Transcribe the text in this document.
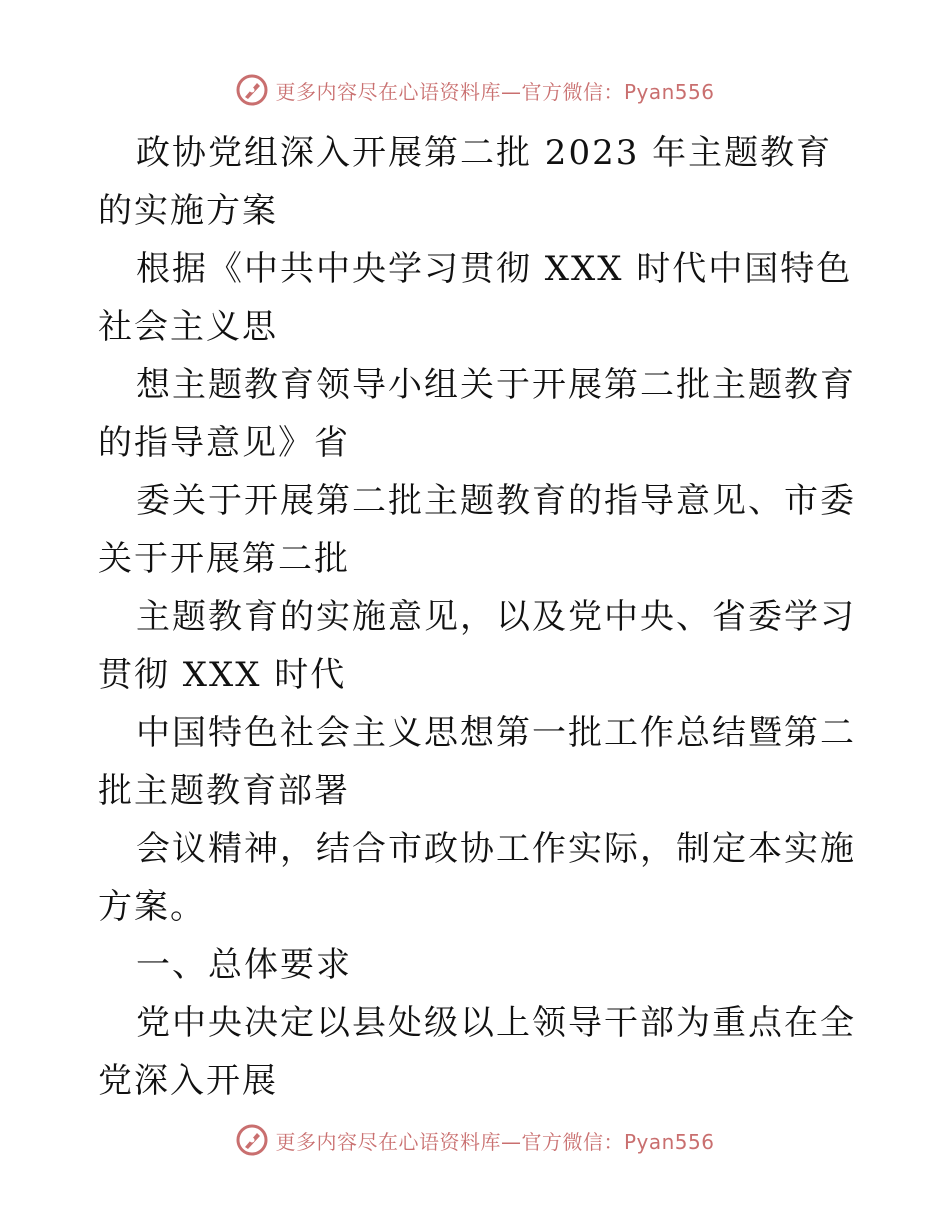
更多内容尽在心语资料库—官方微信：Pyan556

政协党组深入开展第二批 2023 年主题教育的实施方案

根据《中共中央学习贯彻 XXX 时代中国特色社会主义思

想主题教育领导小组关于开展第二批主题教育的指导意见》省

委关于开展第二批主题教育的指导意见、市委关于开展第二批

主题教育的实施意见，以及党中央、省委学习贯彻 XXX 时代

中国特色社会主义思想第一批工作总结暨第二批主题教育部署

会议精神，结合市政协工作实际，制定本实施方案。

一、总体要求

党中央决定以县处级以上领导干部为重点在全党深入开展

更多内容尽在心语资料库—官方微信：Pyan556
